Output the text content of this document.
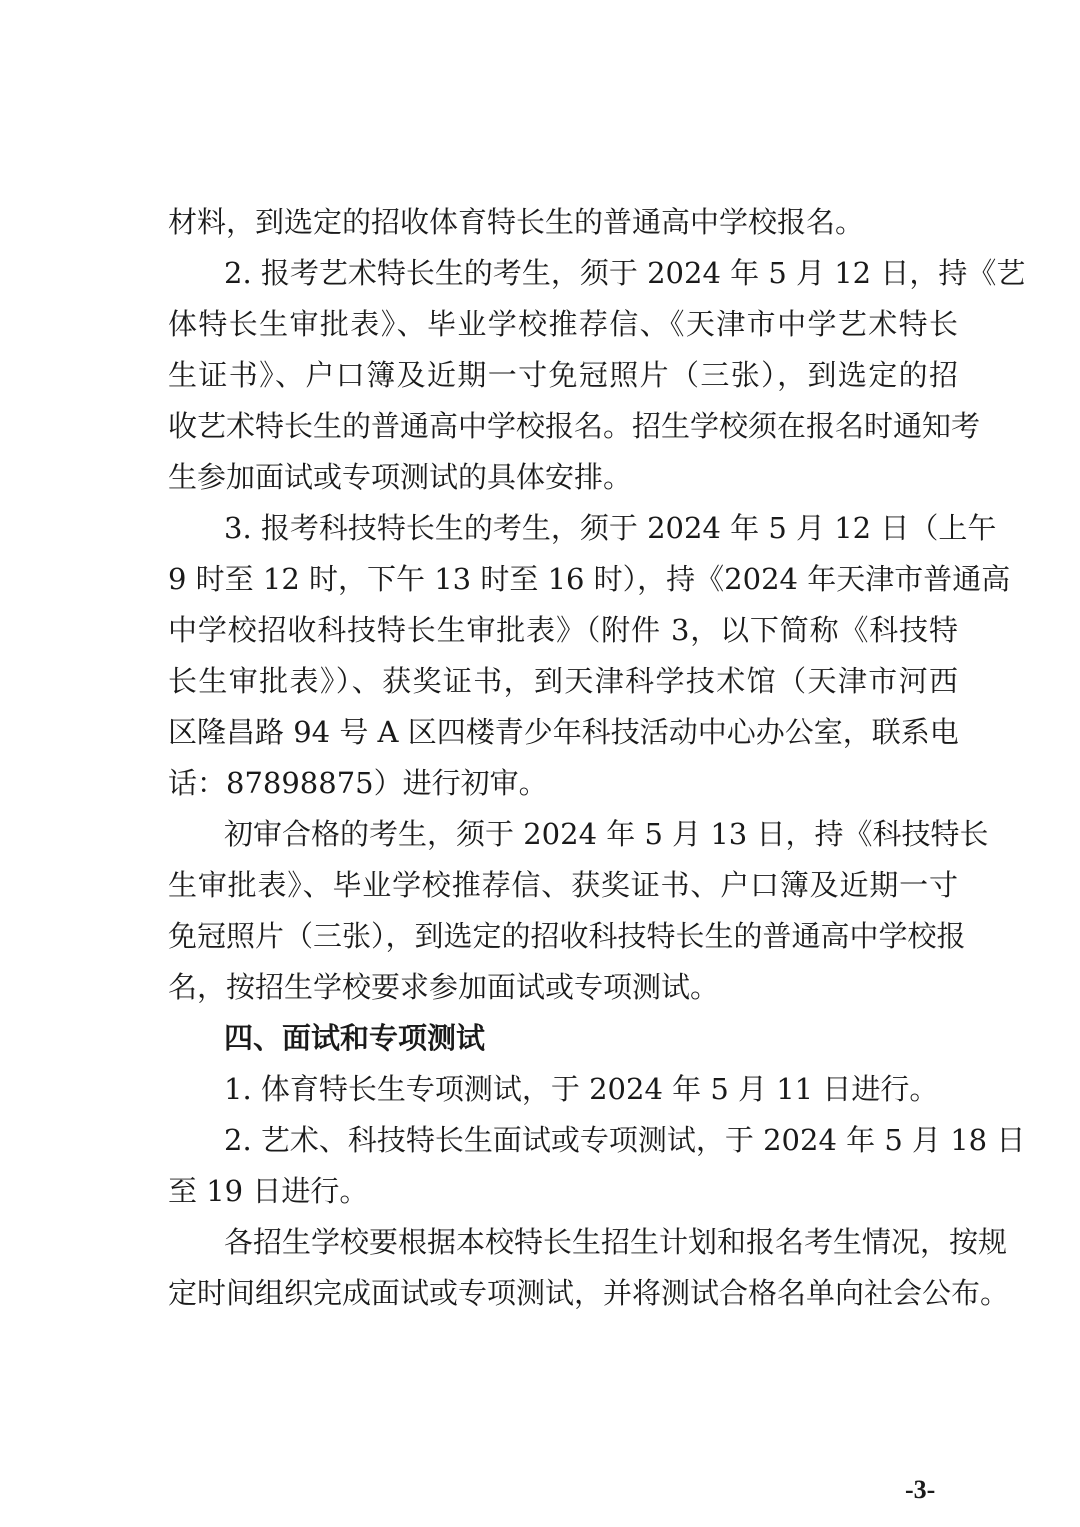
材料，到选定的招收体育特长生的普通高中学校报名。
2. 报考艺术特长生的考生，须于 2024 年 5 月 12 日，持《艺
体特长生审批表》、毕业学校推荐信、《天津市中学艺术特长
生证书》、户口簿及近期一寸免冠照片（三张），到选定的招
收艺术特长生的普通高中学校报名。招生学校须在报名时通知考
生参加面试或专项测试的具体安排。
3. 报考科技特长生的考生，须于 2024 年 5 月 12 日（上午
9 时至 12 时，下午 13 时至 16 时），持《2024 年天津市普通高
中学校招收科技特长生审批表》（附件 3，以下简称《科技特
长生审批表》）、获奖证书，到天津科学技术馆（天津市河西
区隆昌路 94 号 A 区四楼青少年科技活动中心办公室，联系电
话：87898875）进行初审。
初审合格的考生，须于 2024 年 5 月 13 日，持《科技特长
生审批表》、毕业学校推荐信、获奖证书、户口簿及近期一寸
免冠照片（三张），到选定的招收科技特长生的普通高中学校报
名，按招生学校要求参加面试或专项测试。
四、面试和专项测试
1. 体育特长生专项测试，于 2024 年 5 月 11 日进行。
2. 艺术、科技特长生面试或专项测试，于 2024 年 5 月 18 日
至 19 日进行。
各招生学校要根据本校特长生招生计划和报名考生情况，按规
定时间组织完成面试或专项测试，并将测试合格名单向社会公布。
-3-
